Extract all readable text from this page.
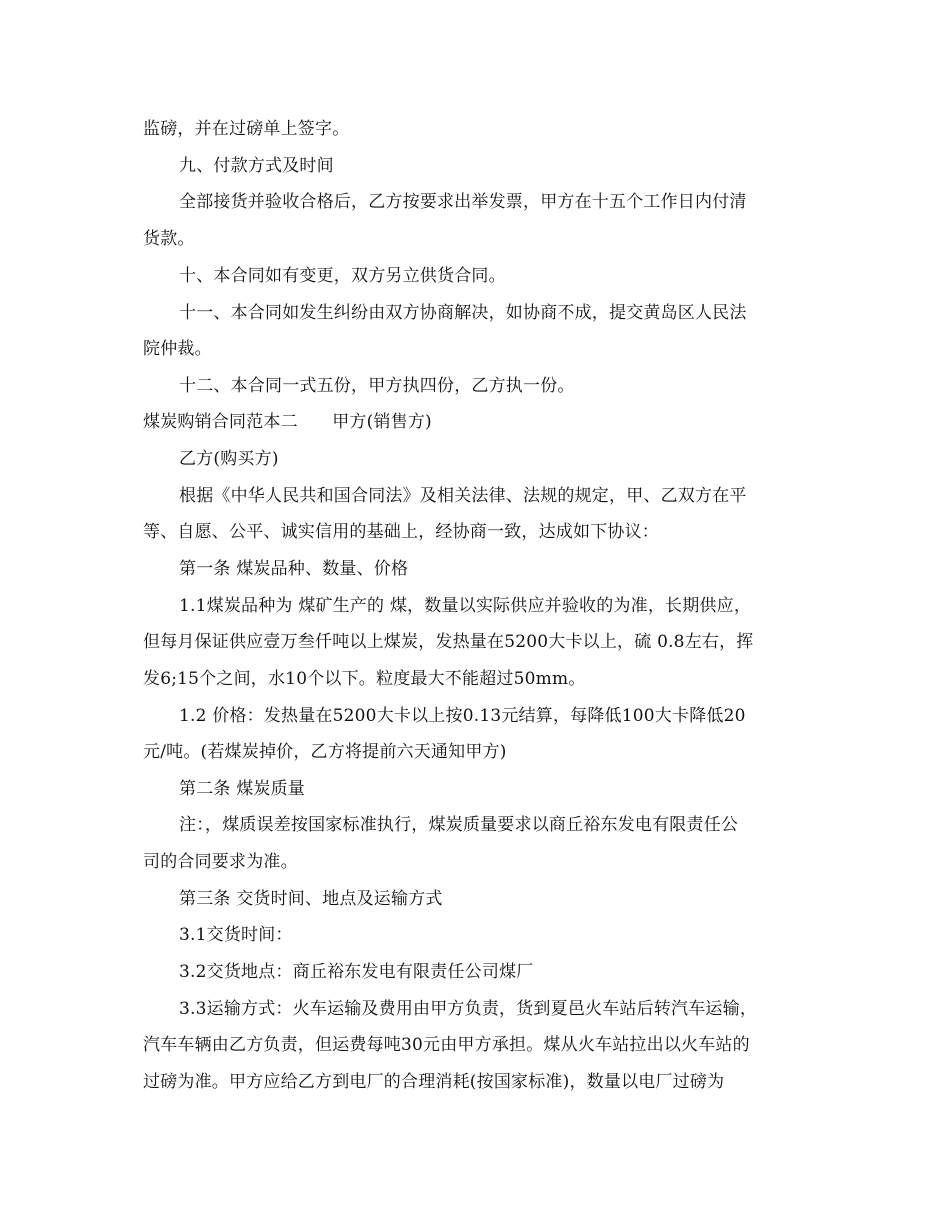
监磅，并在过磅单上签字。
九、付款方式及时间
全部接货并验收合格后，乙方按要求出举发票，甲方在十五个工作日内付清
货款。
十、本合同如有变更，双方另立供货合同。
十一、本合同如发生纠纷由双方协商解决，如协商不成，提交黄岛区人民法
院仲裁。
十二、本合同一式五份，甲方执四份，乙方执一份。
煤炭购销合同范本二　　甲方(销售方)
乙方(购买方)
根据《中华人民共和国合同法》及相关法律、法规的规定，甲、乙双方在平
等、自愿、公平、诚实信用的基础上，经协商一致，达成如下协议：
第一条 煤炭品种、数量、价格
1.1煤炭品种为 煤矿生产的 煤，数量以实际供应并验收的为准，长期供应，
但每月保证供应壹万叁仟吨以上煤炭，发热量在5200大卡以上，硫 0.8左右，挥
发6;15个之间，水10个以下。粒度最大不能超过50mm。
1.2 价格：发热量在5200大卡以上按0.13元结算，每降低100大卡降低20
元/吨。(若煤炭掉价，乙方将提前六天通知甲方)
第二条 煤炭质量
注：，煤质误差按国家标准执行，煤炭质量要求以商丘裕东发电有限责任公
司的合同要求为准。
第三条 交货时间、地点及运输方式
3.1交货时间：
3.2交货地点：商丘裕东发电有限责任公司煤厂
3.3运输方式：火车运输及费用由甲方负责，货到夏邑火车站后转汽车运输，
汽车车辆由乙方负责，但运费每吨30元由甲方承担。煤从火车站拉出以火车站的
过磅为准。甲方应给乙方到电厂的合理消耗(按国家标准)，数量以电厂过磅为
